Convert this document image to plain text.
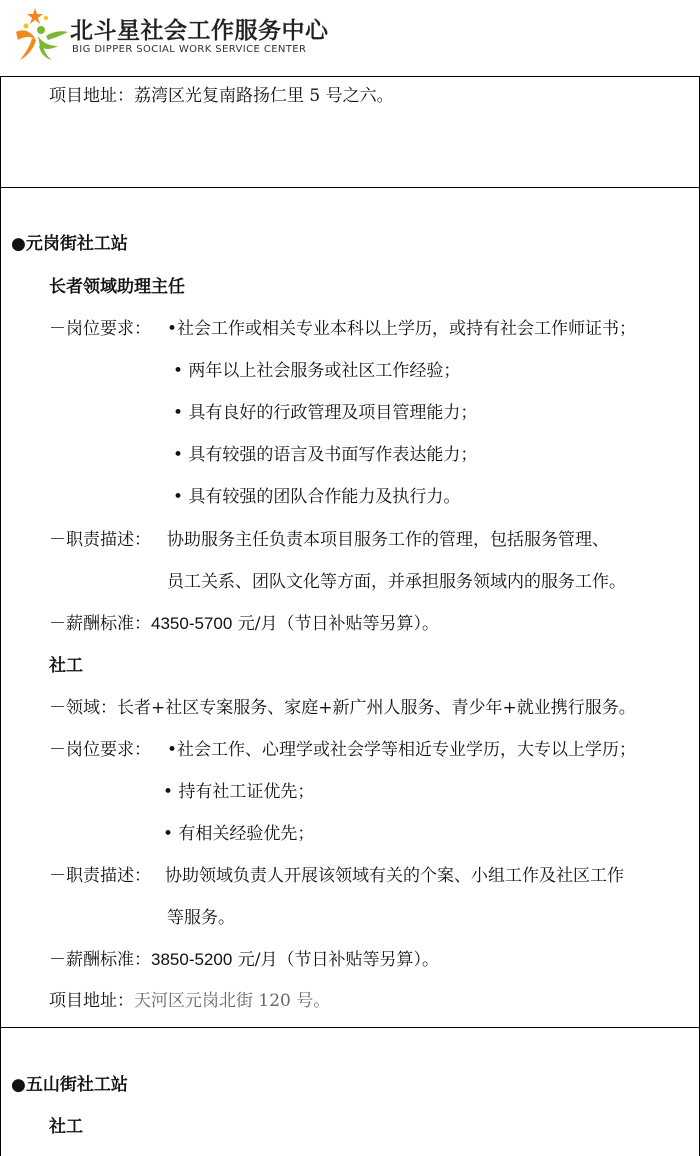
北斗星社会工作服务中心
BIG DIPPER SOCIAL WORK SERVICE CENTER
项目地址：荔湾区光复南路扬仁里 5 号之六。
●元岗街社工站
长者领域助理主任
－岗位要求： •社会工作或相关专业本科以上学历，或持有社会工作师证书；
• 两年以上社会服务或社区工作经验；
• 具有良好的行政管理及项目管理能力；
• 具有较强的语言及书面写作表达能力；
• 具有较强的团队合作能力及执行力。
－职责描述： 协助服务主任负责本项目服务工作的管理，包括服务管理、
员工关系、团队文化等方面，并承担服务领域内的服务工作。
－薪酬标准：4350-5700 元/月（节日补贴等另算）。
社工
－领域：长者+社区专案服务、家庭+新广州人服务、青少年+就业携行服务。
－岗位要求： •社会工作、心理学或社会学等相近专业学历，大专以上学历；
• 持有社工证优先；
• 有相关经验优先；
－职责描述： 协助领域负责人开展该领域有关的个案、小组工作及社区工作
等服务。
－薪酬标准：3850-5200 元/月（节日补贴等另算）。
项目地址：天河区元岗北街 120 号。
●五山街社工站
社工
